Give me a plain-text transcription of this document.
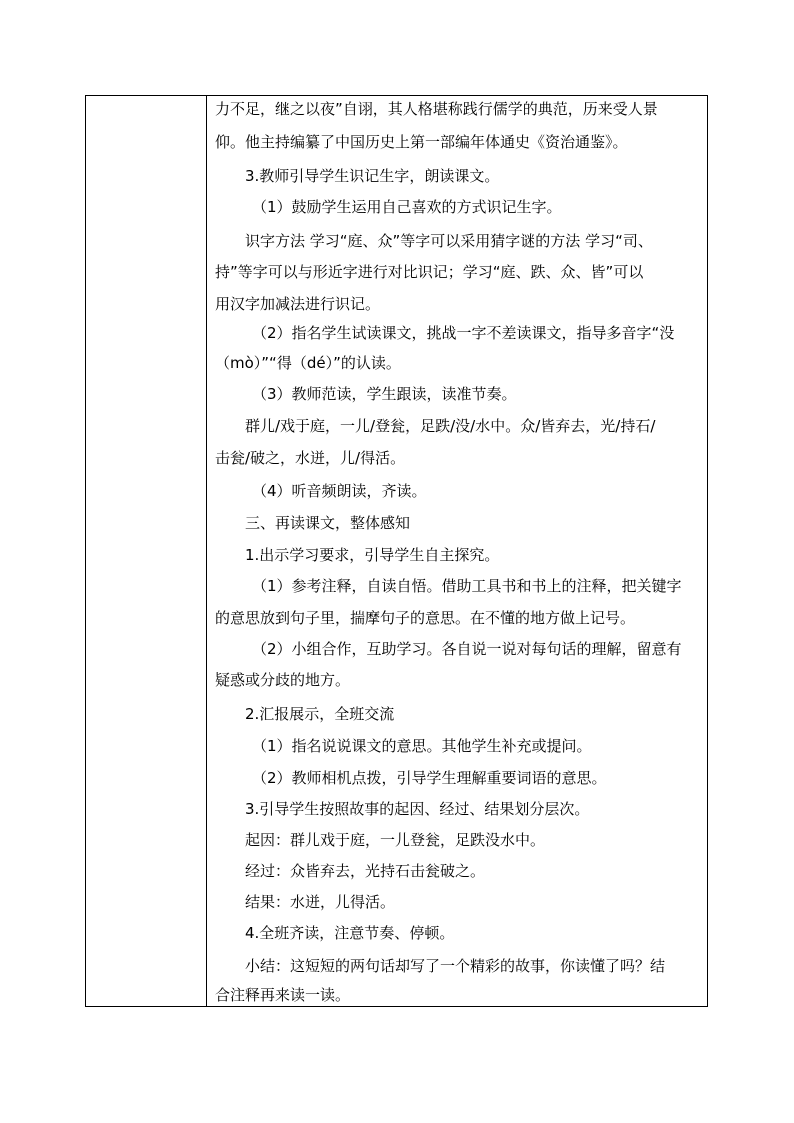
力不足，继之以夜”自诩，其人格堪称践行儒学的典范，历来受人景
仰。他主持编纂了中国历史上第一部编年体通史《资治通鉴》。
3.教师引导学生识记生字，朗读课文。
（1）鼓励学生运用自己喜欢的方式识记生字。
识字方法 学习“庭、众”等字可以采用猜字谜的方法 学习“司、
持”等字可以与形近字进行对比识记；学习“庭、跌、众、皆”可以
用汉字加减法进行识记。
（2）指名学生试读课文，挑战一字不差读课文，指导多音字“没
（mò）”“得（dé）”的认读。
（3）教师范读，学生跟读，读准节奏。
群儿/戏于庭，一儿/登瓮，足跌/没/水中。众/皆弃去，光/持石/
击瓮/破之，水迸，儿/得活。
（4）听音频朗读，齐读。
三、再读课文，整体感知
1.出示学习要求，引导学生自主探究。
（1）参考注释，自读自悟。借助工具书和书上的注释，把关键字
的意思放到句子里，揣摩句子的意思。在不懂的地方做上记号。
（2）小组合作，互助学习。各自说一说对每句话的理解，留意有
疑惑或分歧的地方。
2.汇报展示，全班交流
（1）指名说说课文的意思。其他学生补充或提问。
（2）教师相机点拨，引导学生理解重要词语的意思。
3.引导学生按照故事的起因、经过、结果划分层次。
起因：群儿戏于庭，一儿登瓮，足跌没水中。
经过：众皆弃去，光持石击瓮破之。
结果：水迸，儿得活。
4.全班齐读，注意节奏、停顿。
小结：这短短的两句话却写了一个精彩的故事，你读懂了吗？结
合注释再来读一读。
